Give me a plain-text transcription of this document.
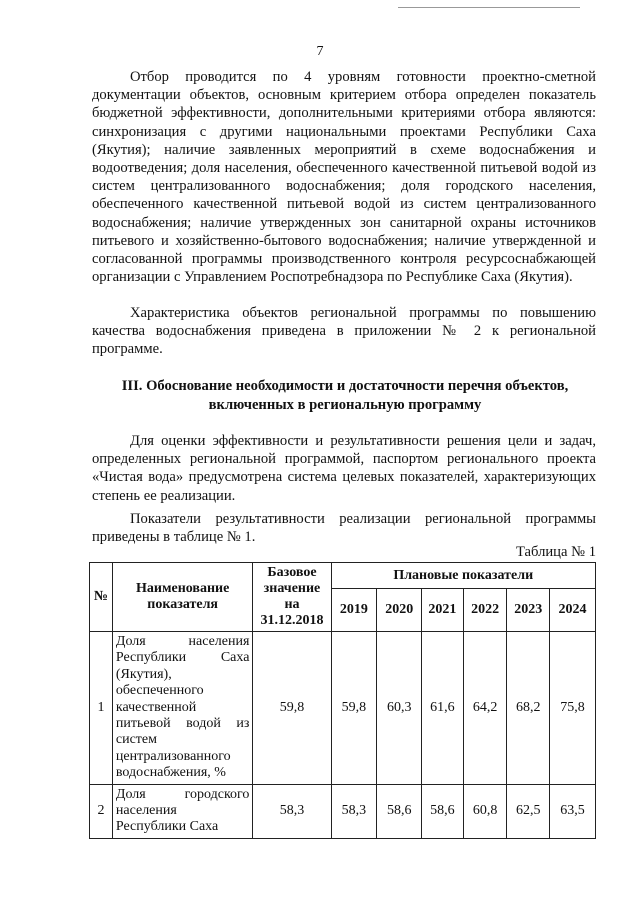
7

Отбор проводится по 4 уровням готовности проектно-сметной документации объектов, основным критерием отбора определен показатель бюджетной эффективности, дополнительными критериями отбора являются: синхронизация с другими национальными проектами Республики Саха (Якутия); наличие заявленных мероприятий в схеме водоснабжения и водоотведения; доля населения, обеспеченного качественной питьевой водой из систем централизованного водоснабжения; доля городского населения, обеспеченного качественной питьевой водой из систем централизованного водоснабжения; наличие утвержденных зон санитарной охраны источников питьевого и хозяйственно-бытового водоснабжения; наличие утвержденной и согласованной программы производственного контроля ресурсоснабжающей организации с Управлением Роспотребнадзора по Республике Саха (Якутия).

Характеристика объектов региональной программы по повышению качества водоснабжения приведена в приложении № 2 к региональной программе.

III. Обоснование необходимости и достаточности перечня объектов, включенных в региональную программу

Для оценки эффективности и результативности решения цели и задач, определенных региональной программой, паспортом регионального проекта «Чистая вода» предусмотрена система целевых показателей, характеризующих степень ее реализации.

Показатели результативности реализации региональной программы приведены в таблице № 1.

Таблица № 1
№	Наименование показателя	Базовое значение на 31.12.2018	Плановые показатели					
			2019	2020	2021	2022	2023	2024
1	Доля населения Республики Саха (Якутия), обеспеченного качественной питьевой водой из систем централизованного водоснабжения, %	59,8	59,8	60,3	61,6	64,2	68,2	75,8
2	Доля городского населения Республики Саха	58,3	58,3	58,6	58,6	60,8	62,5	63,5
